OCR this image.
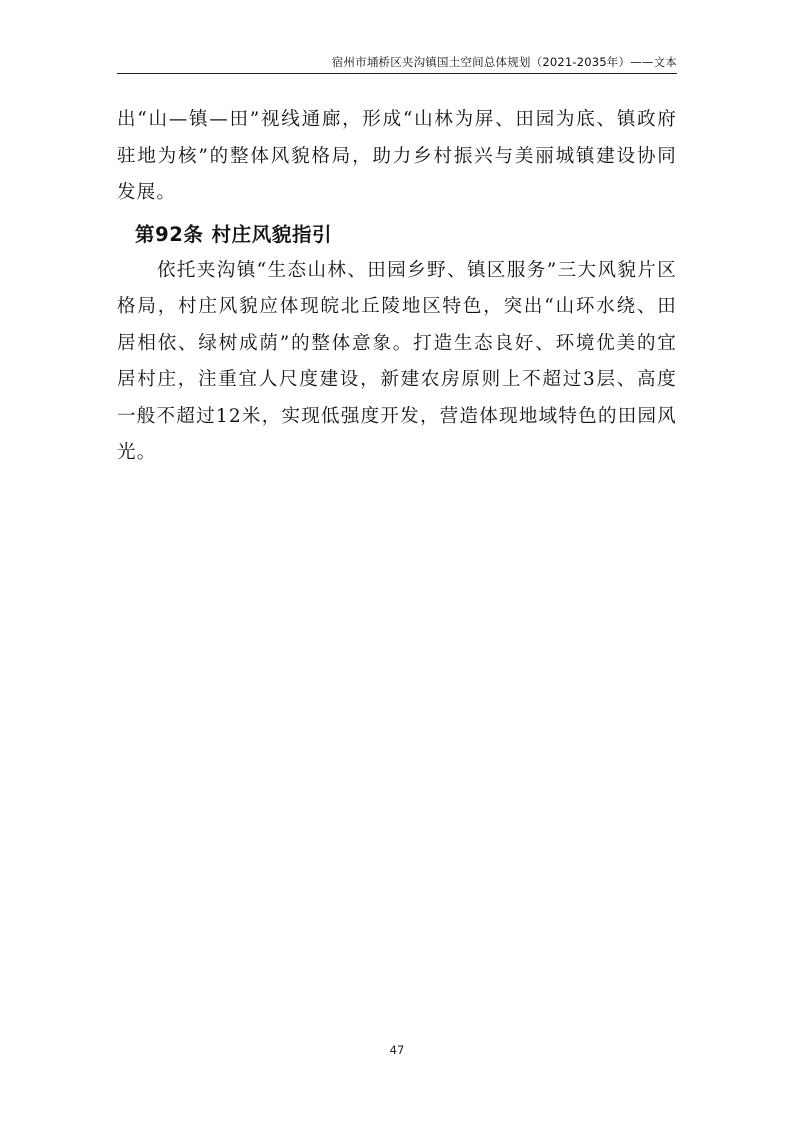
宿州市埇桥区夹沟镇国土空间总体规划（2021-2035年）——文本

出“山—镇—田”视线通廊，形成“山林为屏、田园为底、镇政府驻地为核”的整体风貌格局，助力乡村振兴与美丽城镇建设协同发展。

第92条 村庄风貌指引

依托夹沟镇“生态山林、田园乡野、镇区服务”三大风貌片区格局，村庄风貌应体现皖北丘陵地区特色，突出“山环水绕、田居相依、绿树成荫”的整体意象。打造生态良好、环境优美的宜居村庄，注重宜人尺度建设，新建农房原则上不超过3层、高度一般不超过12米，实现低强度开发，营造体现地域特色的田园风光。

47
